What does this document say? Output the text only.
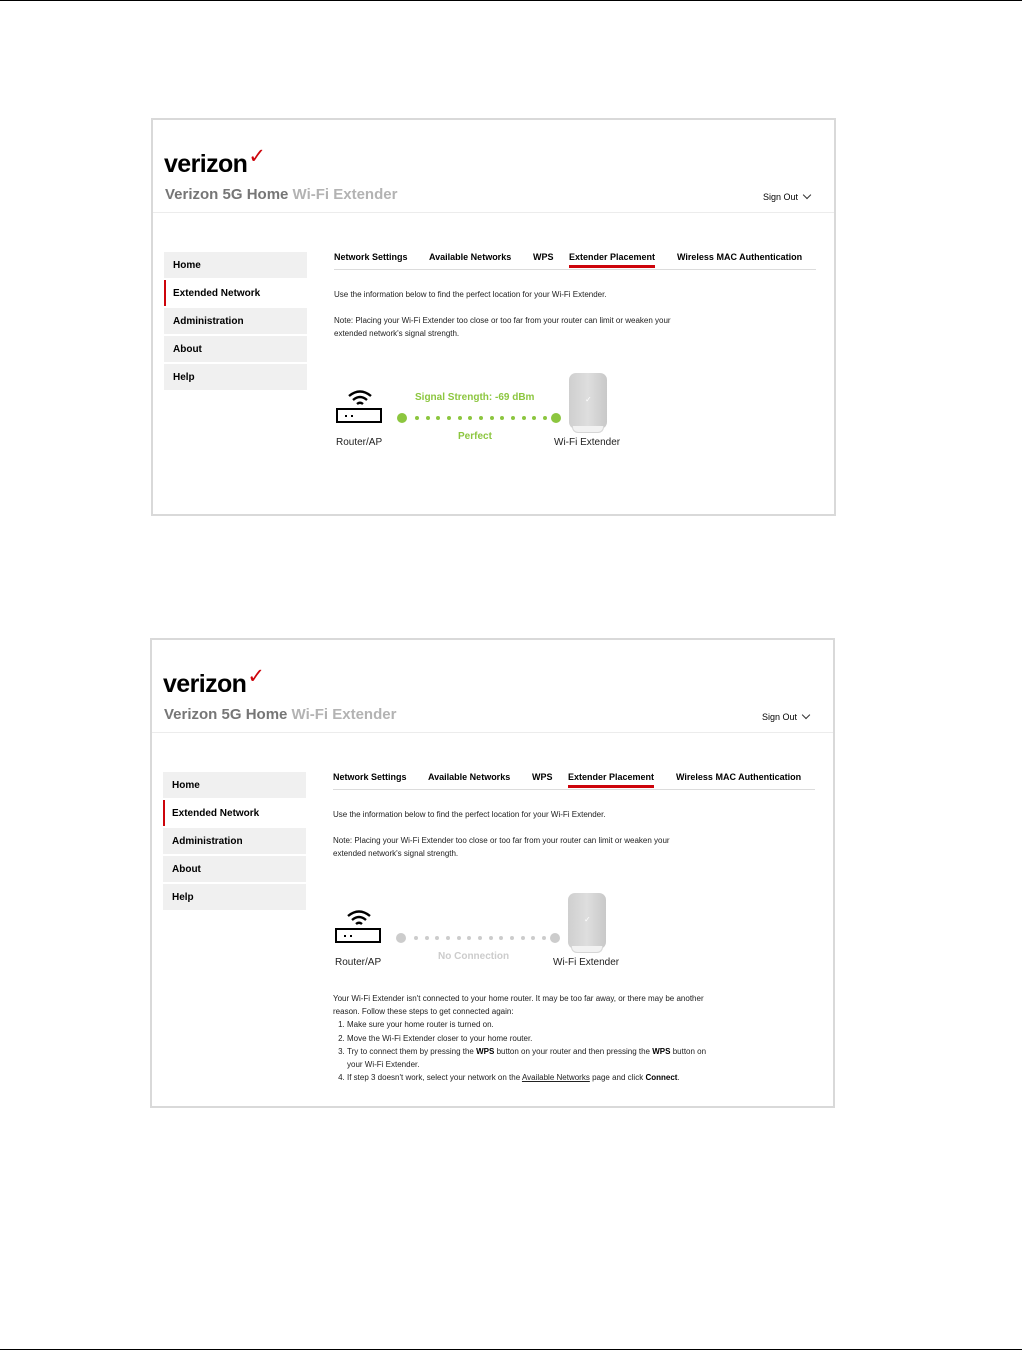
verizon✓
Verizon 5G Home Wi-Fi Extender	Sign Out
Home
Extended Network
Administration
About
Help
Network Settings Available Networks WPS Extender Placement Wireless MAC Authentication
Use the information below to find the perfect location for your Wi-Fi Extender.
Note: Placing your Wi-Fi Extender too close or too far from your router can limit or weaken your extended network's signal strength.
Router/AP
Signal Strength: -69 dBm
Perfect
✓
Wi-Fi Extender
verizon✓
Verizon 5G Home Wi-Fi Extender	Sign Out
Home
Extended Network
Administration
About
Help
Network Settings Available Networks WPS Extender Placement Wireless MAC Authentication
Use the information below to find the perfect location for your Wi-Fi Extender.
Note: Placing your Wi-Fi Extender too close or too far from your router can limit or weaken your extended network's signal strength.
Router/AP
No Connection
✓
Wi-Fi Extender
Your Wi-Fi Extender isn't connected to your home router. It may be too far away, or there may be another reason. Follow these steps to get connected again:
1. Make sure your home router is turned on.
2. Move the Wi-Fi Extender closer to your home router.
3. Try to connect them by pressing the WPS button on your router and then pressing the WPS button on your Wi-Fi Extender.
4. If step 3 doesn't work, select your network on the Available Networks page and click Connect.
